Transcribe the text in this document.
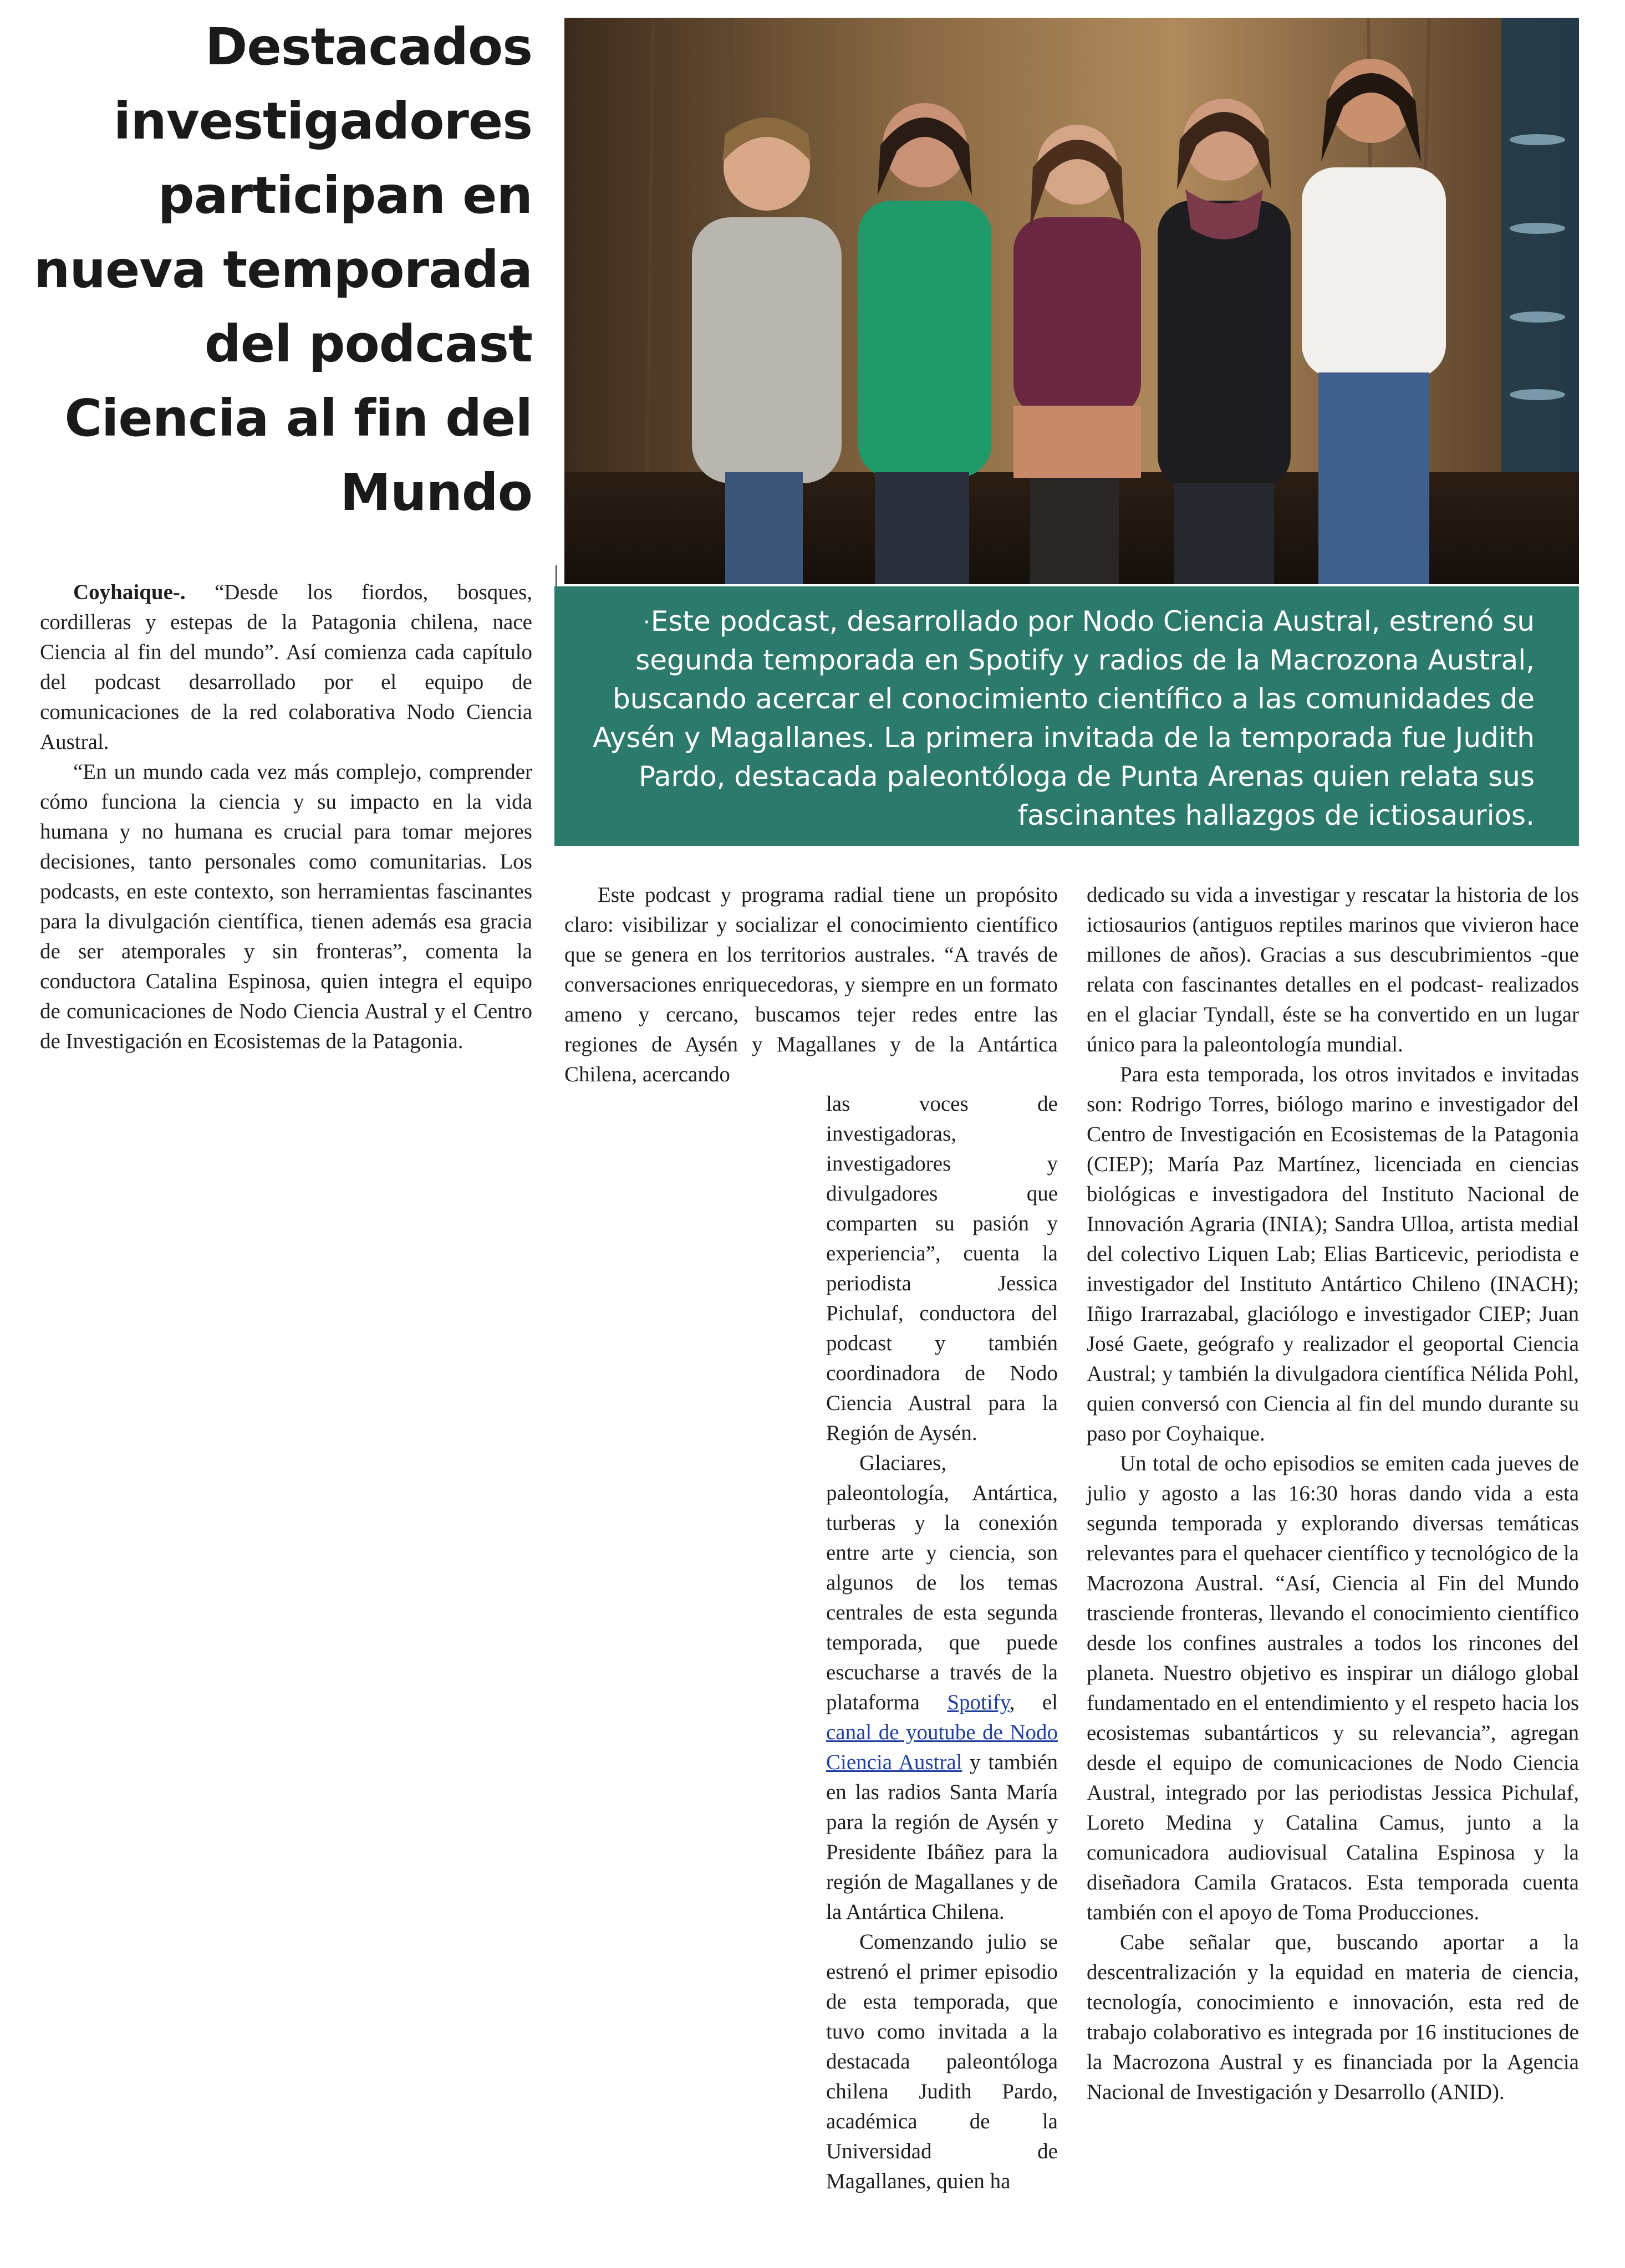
Destacados investigadores participan en nueva temporada del podcast Ciencia al fin del Mundo
· Este podcast, desarrollado por Nodo Ciencia Austral, estrenó su segunda temporada en Spotify y radios de la Macrozona Austral, buscando acercar el conocimiento científico a las comunidades de Aysén y Magallanes. La primera invitada de la temporada fue Judith Pardo, destacada paleontóloga de Punta Arenas quien relata sus fascinantes hallazgos de ictiosaurios.

Coyhaique-. “Desde los fiordos, bosques, cordilleras y estepas de la Patagonia chilena, nace Ciencia al fin del mundo”. Así comienza cada capítulo del podcast desarrollado por el equipo de comunicaciones de la red colaborativa Nodo Ciencia Austral.

“En un mundo cada vez más complejo, comprender cómo funciona la ciencia y su impacto en la vida humana y no humana es crucial para tomar mejores decisiones, tanto personales como comunitarias. Los podcasts, en este contexto, son herramientas fascinantes para la divulgación científica, tienen además esa gracia de ser atemporales y sin fronteras”, comenta la conductora Catalina Espinosa, quien integra el equipo de comunicaciones de Nodo Ciencia Austral y el Centro de Investigación en Ecosistemas de la Patagonia.

Este podcast y programa radial tiene un propósito claro: visibilizar y socializar el conocimiento científico que se genera en los territorios australes. “A través de conversaciones enriquecedoras, y siempre en un formato ameno y cercano, buscamos tejer redes entre las regiones de Aysén y Magallanes y de la Antártica Chilena, acercando

las voces de investigadoras, investigadores y divulgadores que comparten su pasión y experiencia”, cuenta la periodista Jessica Pichulaf, conductora del podcast y también coordinadora de Nodo Ciencia Austral para la Región de Aysén.

Glaciares, paleontología, Antártica, turberas y la conexión entre arte y ciencia, son algunos de los temas centrales de esta segunda temporada, que puede escucharse a través de la plataforma Spotify, el canal de youtube de Nodo Ciencia Austral y también en las radios Santa María para la región de Aysén y Presidente Ibáñez para la región de Magallanes y de la Antártica Chilena.

Comenzando julio se estrenó el primer episodio de esta temporada, que tuvo como invitada a la destacada paleontóloga chilena Judith Pardo, académica de la Universidad de Magallanes, quien ha

dedicado su vida a investigar y rescatar la historia de los ictiosaurios (antiguos reptiles marinos que vivieron hace millones de años). Gracias a sus descubrimientos -que relata con fascinantes detalles en el podcast- realizados en el glaciar Tyndall, éste se ha convertido en un lugar único para la paleontología mundial.

Para esta temporada, los otros invitados e invitadas son: Rodrigo Torres, biólogo marino e investigador del Centro de Investigación en Ecosistemas de la Patagonia (CIEP); María Paz Martínez, licenciada en ciencias biológicas e investigadora del Instituto Nacional de Innovación Agraria (INIA); Sandra Ulloa, artista medial del colectivo Liquen Lab; Elias Barticevic, periodista e investigador del Instituto Antártico Chileno (INACH); Iñigo Irarrazabal, glaciólogo e investigador CIEP; Juan José Gaete, geógrafo y realizador el geoportal Ciencia Austral; y también la divulgadora científica Nélida Pohl, quien conversó con Ciencia al fin del mundo durante su paso por Coyhaique.

Un total de ocho episodios se emiten cada jueves de julio y agosto a las 16:30 horas dando vida a esta segunda temporada y explorando diversas temáticas relevantes para el quehacer científico y tecnológico de la Macrozona Austral. “Así, Ciencia al Fin del Mundo trasciende fronteras, llevando el conocimiento científico desde los confines australes a todos los rincones del planeta. Nuestro objetivo es inspirar un diálogo global fundamentado en el entendimiento y el respeto hacia los ecosistemas subantárticos y su relevancia”, agregan desde el equipo de comunicaciones de Nodo Ciencia Austral, integrado por las periodistas Jessica Pichulaf, Loreto Medina y Catalina Camus, junto a la comunicadora audiovisual Catalina Espinosa y la diseñadora Camila Gratacos. Esta temporada cuenta también con el apoyo de Toma Producciones.

Cabe señalar que, buscando aportar a la descentralización y la equidad en materia de ciencia, tecnología, conocimiento e innovación, esta red de trabajo colaborativo es integrada por 16 instituciones de la Macrozona Austral y es financiada por la Agencia Nacional de Investigación y Desarrollo (ANID).
